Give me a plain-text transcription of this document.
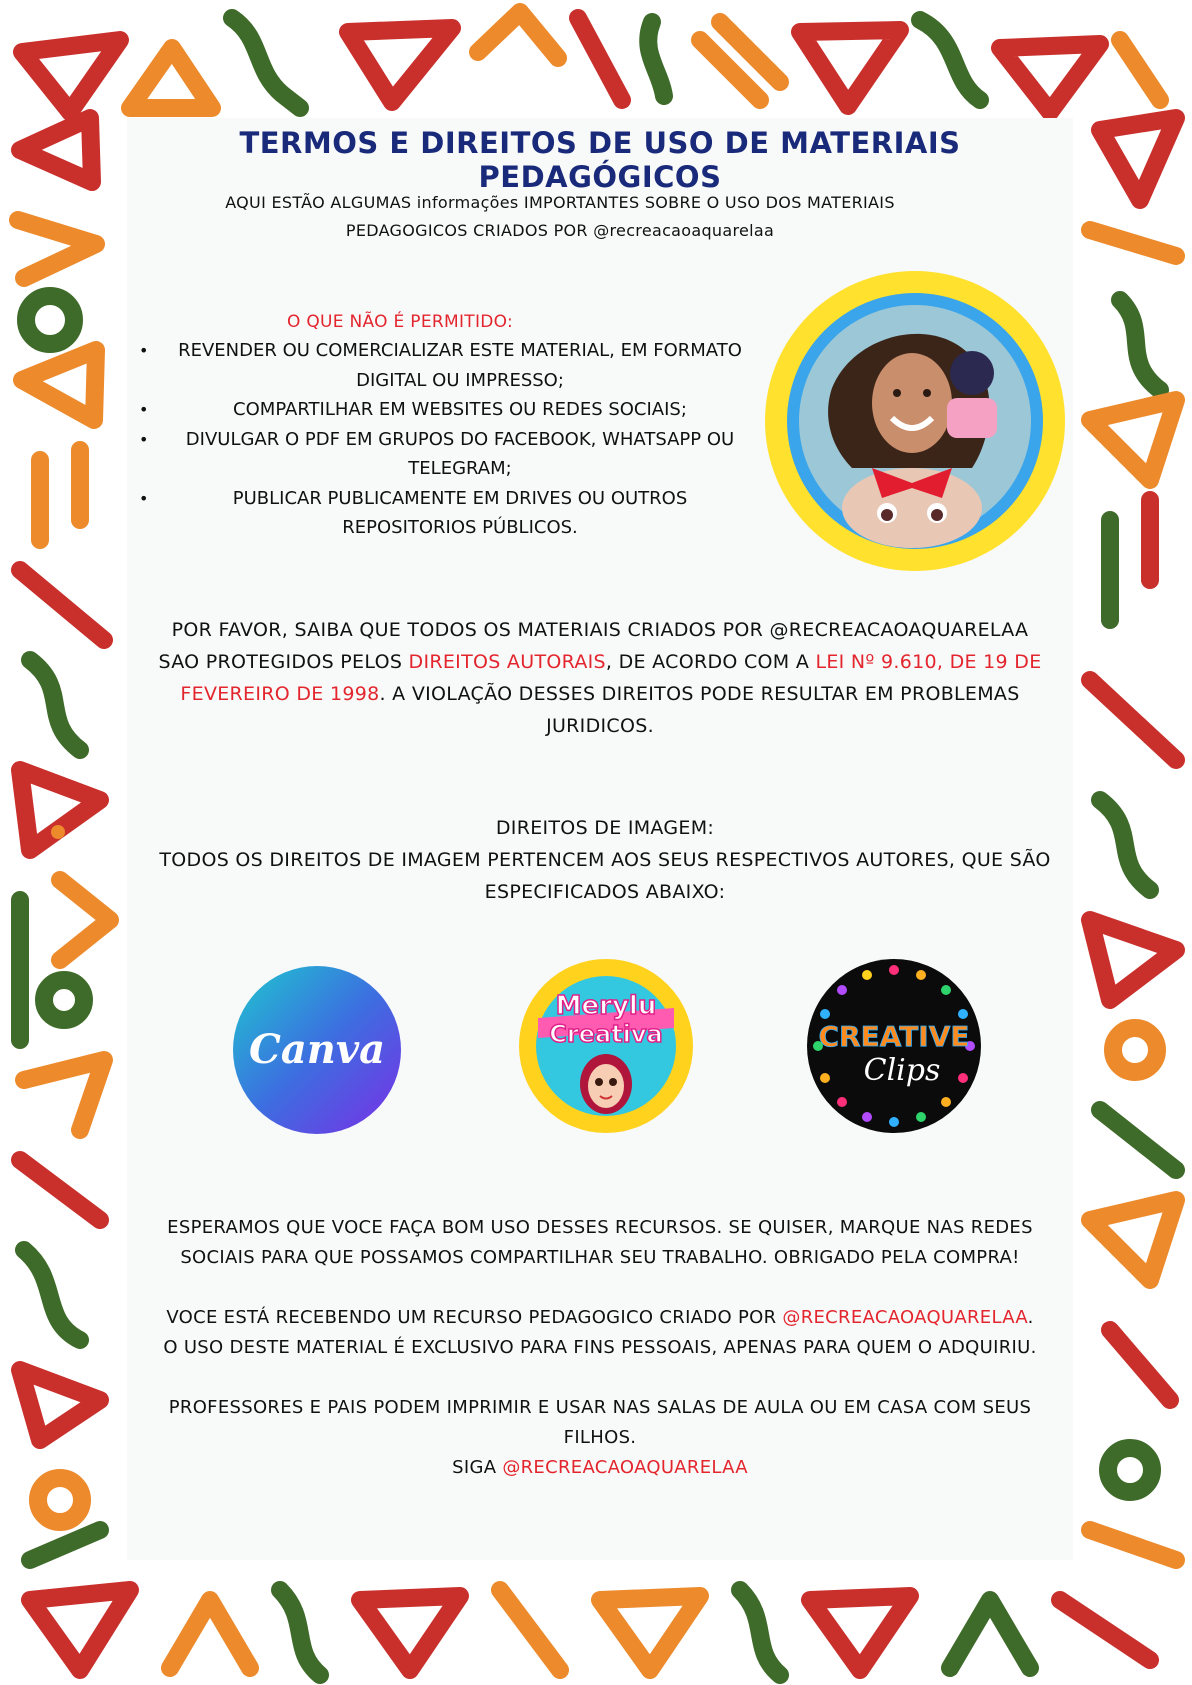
TERMOS E DIREITOS DE USO DE MATERIAIS PEDAGÓGICOS
AQUI ESTÃO ALGUMAS informações IMPORTANTES SOBRE O USO DOS MATERIAIS
PEDAGOGICOS CRIADOS POR @recreacaoaquarelaa
O QUE NÃO É PERMITIDO:
• REVENDER OU COMERCIALIZAR ESTE MATERIAL, EM FORMATO DIGITAL OU IMPRESSO;
•	COMPARTILHAR EM WEBSITES OU REDES SOCIAIS;
• DIVULGAR O PDF EM GRUPOS DO FACEBOOK, WHATSAPP OU TELEGRAM;
•	PUBLICAR PUBLICAMENTE EM DRIVES OU OUTROS REPOSITORIOS PÚBLICOS.
POR FAVOR, SAIBA QUE TODOS OS MATERIAIS CRIADOS POR @RECREACAOAQUARELAA SAO PROTEGIDOS PELOS DIREITOS AUTORAIS, DE ACORDO COM A LEI Nº 9.610, DE 19 DE FEVEREIRO DE 1998. A VIOLAÇÃO DESSES DIREITOS PODE RESULTAR EM PROBLEMAS JURIDICOS.
DIREITOS DE IMAGEM:
TODOS OS DIREITOS DE IMAGEM PERTENCEM AOS SEUS RESPECTIVOS AUTORES, QUE SÃO
ESPECIFICADOS ABAIXO:
Canva
Merylu
Creativa	CREATIVE
Clips
ESPERAMOS QUE VOCE FAÇA BOM USO DESSES RECURSOS. SE QUISER, MARQUE NAS REDES SOCIAIS PARA QUE POSSAMOS COMPARTILHAR SEU TRABALHO. OBRIGADO PELA COMPRA!
VOCE ESTÁ RECEBENDO UM RECURSO PEDAGOGICO CRIADO POR @RECREACAOAQUARELAA. O USO DESTE MATERIAL É EXCLUSIVO PARA FINS PESSOAIS, APENAS PARA QUEM O ADQUIRIU.
PROFESSORES E PAIS PODEM IMPRIMIR E USAR NAS SALAS DE AULA OU EM CASA COM SEUS FILHOS.
SIGA @RECREACAOAQUARELAA
